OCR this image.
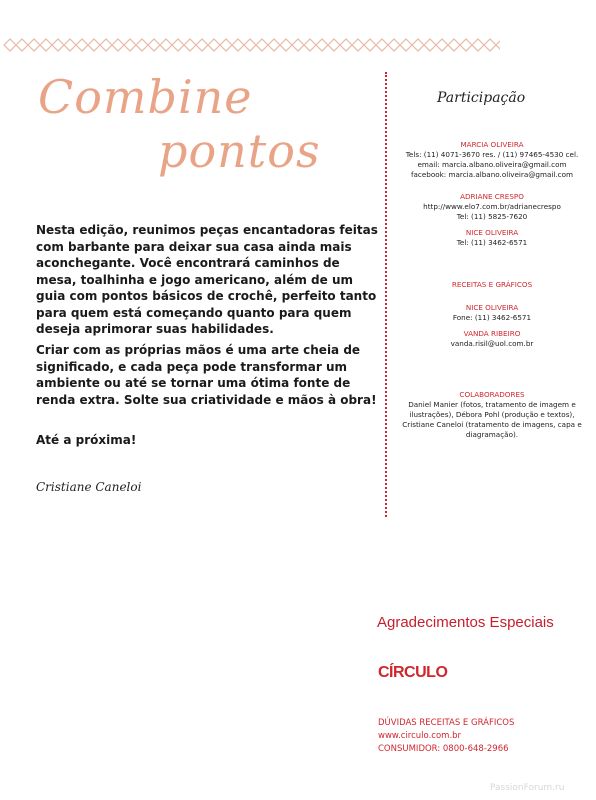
Combine
pontos
Nesta edição, reunimos peças encantadoras feitas com barbante para deixar sua casa ainda mais aconchegante. Você encontrará caminhos de mesa, toalhinha e jogo americano, além de um guia com pontos básicos de crochê, perfeito tanto para quem está começando quanto para quem deseja aprimorar suas habilidades.
Criar com as próprias mãos é uma arte cheia de significado, e cada peça pode transformar um ambiente ou até se tornar uma ótima fonte de renda extra. Solte sua criatividade e mãos à obra!
Até a próxima!
Cristiane Caneloi
Participação
MARCIA OLIVEIRA
Tels: (11) 4071-3670 res. / (11) 97465-4530 cel.
email: marcia.albano.oliveira@gmail.com
facebook: marcia.albano.oliveira@gmail.com
ADRIANE CRESPO
http://www.elo7.com.br/adrianecrespo
Tel: (11) 5825-7620
NICE OLIVEIRA
Tel: (11) 3462-6571
RECEITAS E GRÁFICOS
NICE OLIVEIRA
Fone: (11) 3462-6571
VANDA RIBEIRO
vanda.risil@uol.com.br
COLABORADORES
Daniel Manier (fotos, tratamento de imagem e ilustrações), Débora Pohl (produção e textos), Cristiane Caneloi (tratamento de imagens, capa e diagramação).
Agradecimentos Especiais
CÍRCULO
DÚVIDAS RECEITAS E GRÁFICOS
www.circulo.com.br
CONSUMIDOR: 0800-648-2966
PassionForum.ru
